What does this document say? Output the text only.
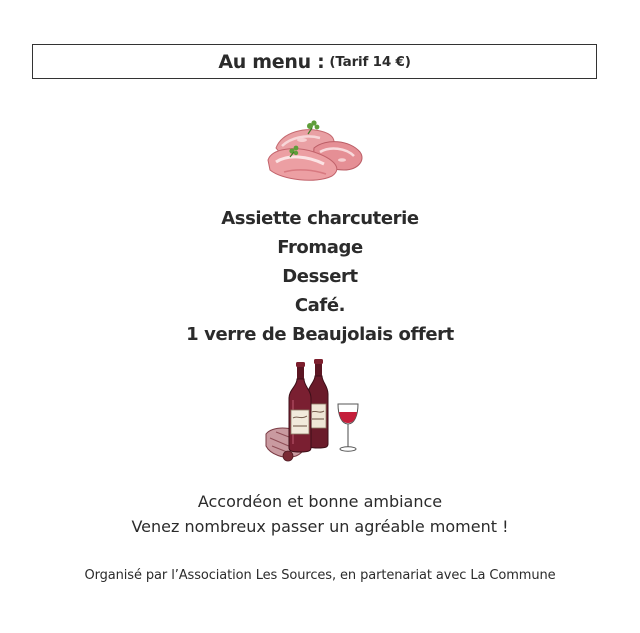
Au menu : (Tarif 14 €)
Assiette charcuterie
Fromage
Dessert
Café.
1 verre de Beaujolais offert
Accordéon et bonne ambiance
Venez nombreux passer un agréable moment !
Organisé par l’Association Les Sources, en partenariat avec La Commune
